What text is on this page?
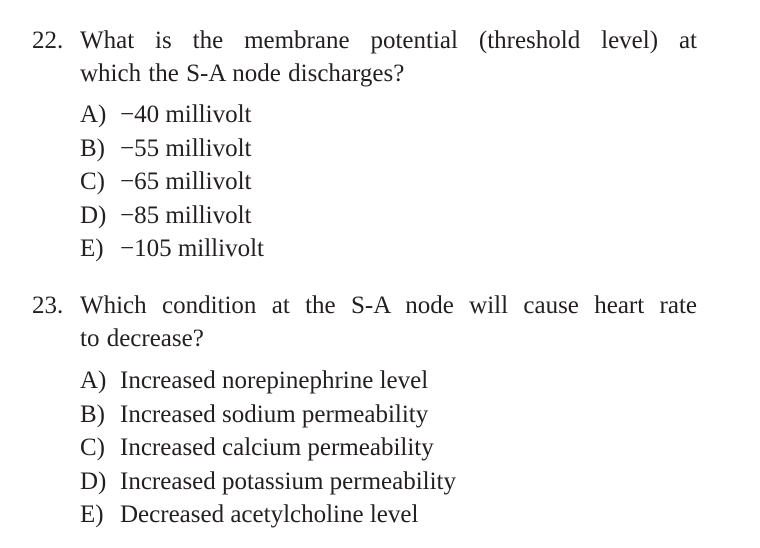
22. What is the membrane potential (threshold level) at
which the S-A node discharges?
A) −40 millivolt
B) −55 millivolt
C) −65 millivolt
D) −85 millivolt
E) −105 millivolt
23. Which condition at the S-A node will cause heart rate
to decrease?
A) Increased norepinephrine level
B) Increased sodium permeability
C) Increased calcium permeability
D) Increased potassium permeability
E) Decreased acetylcholine level
